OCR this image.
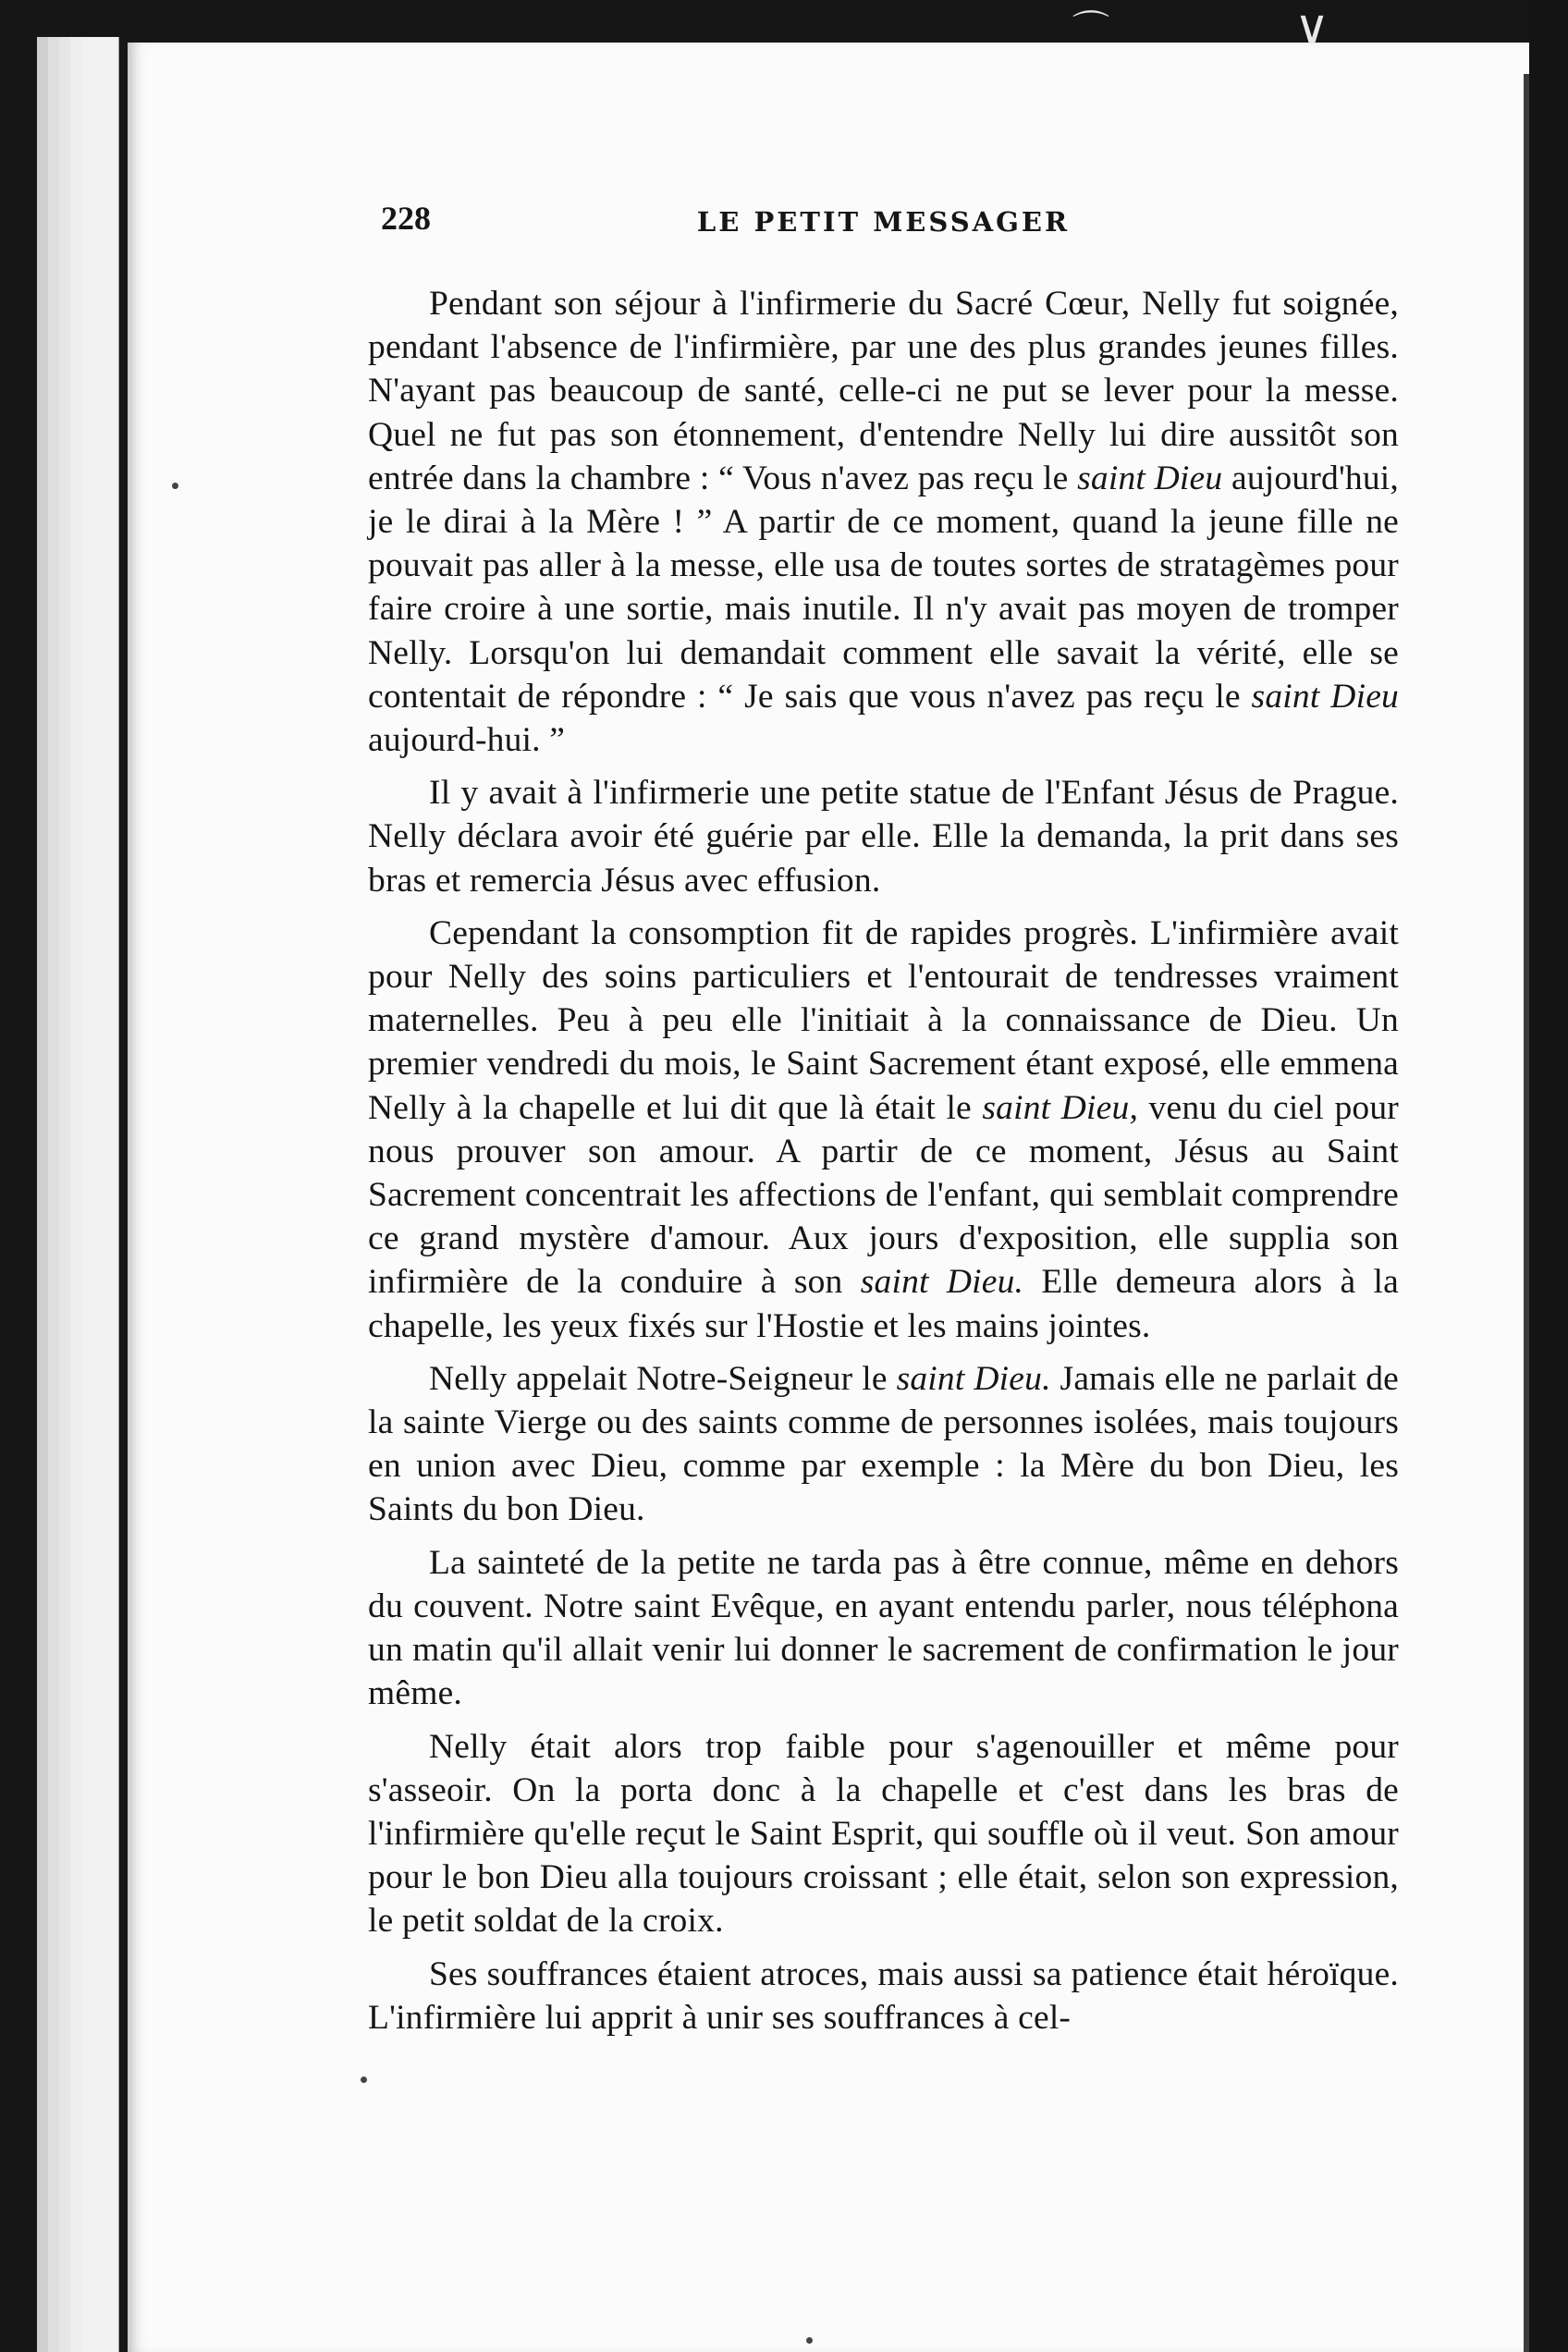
⌒	∨
228	LE PETIT MESSAGER

Pendant son séjour à l'infirmerie du Sacré Cœur, Nelly fut soignée, pendant l'absence de l'infirmière, par une des plus grandes jeunes filles. N'ayant pas beaucoup de santé, celle-ci ne put se lever pour la messe. Quel ne fut pas son étonnement, d'entendre Nelly lui dire aussitôt son entrée dans la chambre : “ Vous n'avez pas reçu le saint Dieu aujourd'hui, je le dirai à la Mère ! ” A partir de ce moment, quand la jeune fille ne pouvait pas aller à la messe, elle usa de toutes sortes de stratagèmes pour faire croire à une sortie, mais inutile. Il n'y avait pas moyen de tromper Nelly. Lorsqu'on lui demandait comment elle savait la vérité, elle se contentait de répondre : “ Je sais que vous n'avez pas reçu le saint Dieu aujourd-hui. ”

Il y avait à l'infirmerie une petite statue de l'Enfant Jésus de Prague. Nelly déclara avoir été guérie par elle. Elle la demanda, la prit dans ses bras et remercia Jésus avec effusion.

Cependant la consomption fit de rapides progrès. L'infirmière avait pour Nelly des soins particuliers et l'entourait de tendresses vraiment maternelles. Peu à peu elle l'initiait à la connaissance de Dieu. Un premier vendredi du mois, le Saint Sacrement étant exposé, elle emmena Nelly à la chapelle et lui dit que là était le saint Dieu, venu du ciel pour nous prouver son amour. A partir de ce moment, Jésus au Saint Sacrement concentrait les affections de l'enfant, qui semblait comprendre ce grand mystère d'amour. Aux jours d'exposition, elle supplia son infirmière de la conduire à son saint Dieu. Elle demeura alors à la chapelle, les yeux fixés sur l'Hostie et les mains jointes.

Nelly appelait Notre-Seigneur le saint Dieu. Jamais elle ne parlait de la sainte Vierge ou des saints comme de personnes isolées, mais toujours en union avec Dieu, comme par exemple : la Mère du bon Dieu, les Saints du bon Dieu.

La sainteté de la petite ne tarda pas à être connue, même en dehors du couvent. Notre saint Evêque, en ayant entendu parler, nous téléphona un matin qu'il allait venir lui donner le sacrement de confirmation le jour même.

Nelly était alors trop faible pour s'agenouiller et même pour s'asseoir. On la porta donc à la chapelle et c'est dans les bras de l'infirmière qu'elle reçut le Saint Esprit, qui souffle où il veut. Son amour pour le bon Dieu alla toujours croissant ; elle était, selon son expression, le petit soldat de la croix.

Ses souffrances étaient atroces, mais aussi sa patience était héroïque. L'infirmière lui apprit à unir ses souffrances à cel-
